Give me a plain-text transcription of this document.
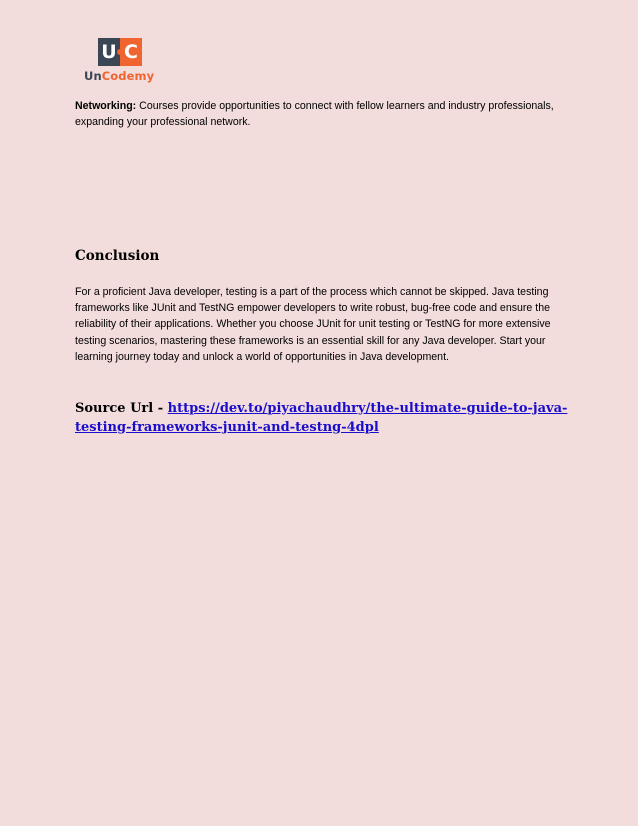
U C
UnCodemy

Networking: Courses provide opportunities to connect with fellow learners and industry professionals, expanding your professional network.

Conclusion

For a proficient Java developer, testing is a part of the process which cannot be skipped. Java testing frameworks like JUnit and TestNG empower developers to write robust, bug-free code and ensure the reliability of their applications. Whether you choose JUnit for unit testing or TestNG for more extensive testing scenarios, mastering these frameworks is an essential skill for any Java developer. Start your learning journey today and unlock a world of opportunities in Java development.

Source Url - https://dev.to/piyachaudhry/the-ultimate-guide-to-java-testing-frameworks-junit-and-testng-4dpl
